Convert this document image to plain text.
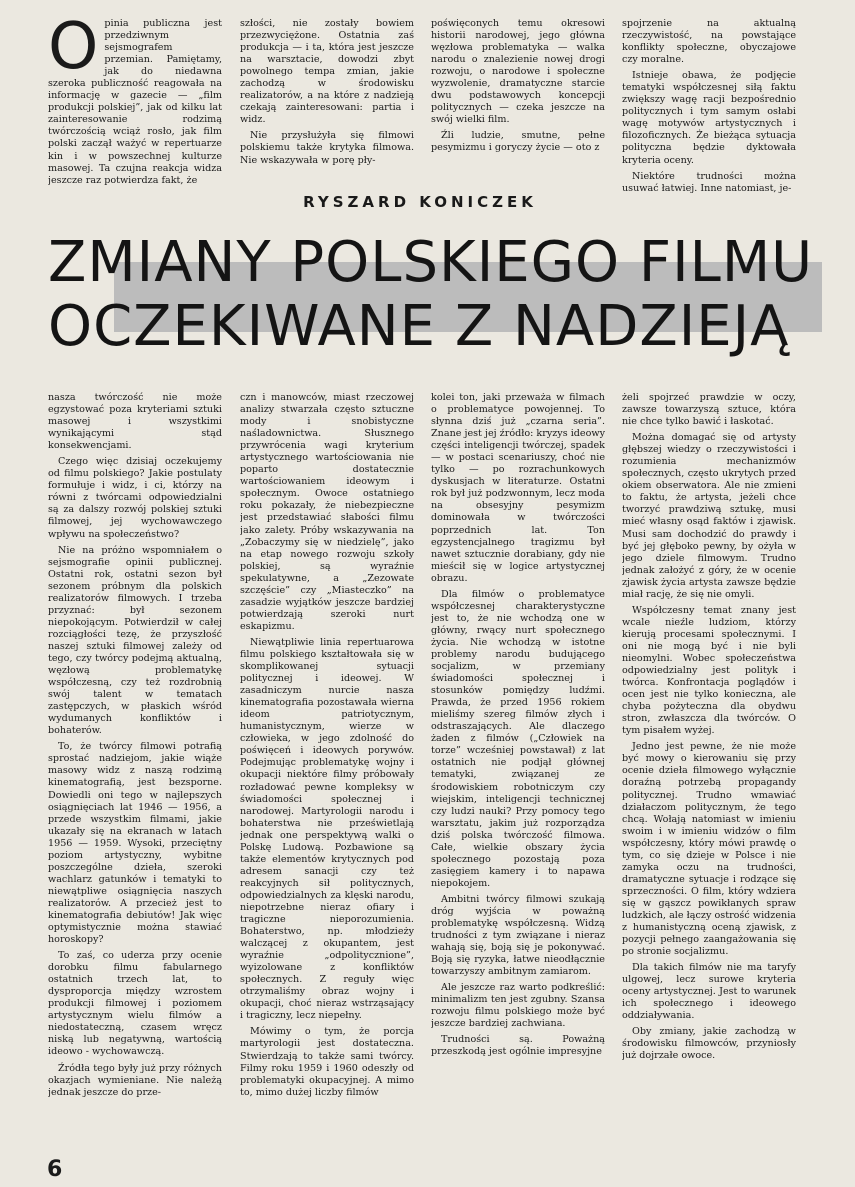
Opinia publiczna jest przedziwnym sejsmografem przemian. Pamiętamy, jak do niedawna szeroka publiczność reagowała na informację w gazecie — „film produkcji polskiej”, jak od kilku lat zainteresowanie rodzimą twórczością wciąż rosło, jak film polski zaczął ważyć w repertuarze kin i w powszechnej kulturze masowej. Ta czujna reakcja widza jeszcze raz potwierdza fakt, że

szłości, nie zostały bowiem przezwyciężone. Ostatnia zaś produkcja — i ta, która jest jeszcze na warsztacie, dowodzi zbyt powolnego tempa zmian, jakie zachodzą w środowisku realizatorów, a na które z nadzieją czekają zainteresowani: partia i widz.

Nie przysłużyła się filmowi polskiemu także krytyka filmowa. Nie wskazywała w porę pły-

poświęconych temu okresowi historii narodowej, jego główna węzłowa problematyka — walka narodu o znalezienie nowej drogi rozwoju, o narodowe i społeczne wyzwolenie, dramatyczne starcie dwu podstawowych koncepcji politycznych — czeka jeszcze na swój wielki film.

Źli ludzie, smutne, pełne pesymizmu i goryczy życie — oto z

spojrzenie na aktualną rzeczywistość, na powstające konflikty społeczne, obyczajowe czy moralne.

Istnieje obawa, że podjęcie tematyki współczesnej siłą faktu zwiększy wagę racji bezpośrednio politycznych i tym samym osłabi wagę motywów artystycznych i filozoficznych. Że bieżąca sytuacja polityczna będzie dyktowała kryteria oceny.

Niektóre trudności można usuwać łatwiej. Inne natomiast, je-

RYSZARD KONICZEK
ZMIANY POLSKIEGO FILMU
OCZEKIWANE Z NADZIEJĄ

nasza twórczość nie może egzystować poza kryteriami sztuki masowej i wszystkimi wynikającymi stąd konsekwencjami.

Czego więc dzisiaj oczekujemy od filmu polskiego? Jakie postulaty formułuje i widz, i ci, którzy na równi z twórcami odpowiedzialni są za dalszy rozwój polskiej sztuki filmowej, jej wychowawczego wpływu na społeczeństwo?

Nie na próżno wspomniałem o sejsmografie opinii publicznej. Ostatni rok, ostatni sezon był sezonem próbnym dla polskich realizatorów filmowych. I trzeba przyznać: był sezonem niepokojącym. Potwierdził w całej rozciągłości tezę, że przyszłość naszej sztuki filmowej zależy od tego, czy twórcy podejmą aktualną, węzłową problematykę współczesną, czy też rozdrobnią swój talent w tematach zastępczych, w płaskich wśród wydumanych konfliktów i bohaterów.

To, że twórcy filmowi potrafią sprostać nadziejom, jakie wiąże masowy widz z naszą rodzimą kinematografią, jest bezsporne. Dowiedli oni tego w najlepszych osiągnięciach lat 1946 — 1956, a przede wszystkim filmami, jakie ukazały się na ekranach w latach 1956 — 1959. Wysoki, przeciętny poziom artystyczny, wybitne poszczególne dzieła, szeroki wachlarz gatunków i tematyki to niewątpliwe osiągnięcia naszych realizatorów. A przecież jest to kinematografia debiutów! Jak więc optymistycznie można stawiać horoskopy?

To zaś, co uderza przy ocenie dorobku filmu fabularnego ostatnich trzech lat, to dysproporcja między wzrostem produkcji filmowej i poziomem artystycznym wielu filmów a niedostateczną, czasem wręcz niską lub negatywną, wartością ideowo - wychowawczą.

Źródła tego były już przy różnych okazjach wymieniane. Nie należą jednak jeszcze do prze-

czn i manowców, miast rzeczowej analizy stwarzała często sztuczne mody i snobistyczne naśladownictwa. Słusznego przywrócenia wagi kryterium artystycznego wartościowania nie poparto dostatecznie wartościowaniem ideowym i społecznym. Owoce ostatniego roku pokazały, że niebezpieczne jest przedstawiać słabości filmu jako zalety. Próby wskazywania na „Zobaczymy się w niedzielę”, jako na etap nowego rozwoju szkoły polskiej, są wyraźnie spekulatywne, a „Zezowate szczęście” czy „Miasteczko” na zasadzie wyjątków jeszcze bardziej potwierdzają szeroki nurt eskapizmu.

Niewątpliwie linia repertuarowa filmu polskiego kształtowała się w skomplikowanej sytuacji politycznej i ideowej. W zasadniczym nurcie nasza kinematografia pozostawała wierna ideom patriotycznym, humanistycznym, wierze w człowieka, w jego zdolność do poświęceń i ideowych porywów. Podejmując problematykę wojny i okupacji niektóre filmy próbowały rozładować pewne kompleksy w świadomości społecznej i narodowej. Martyrologii narodu i bohaterstwa nie prześwietlają jednak one perspektywą walki o Polskę Ludową. Pozbawione są także elementów krytycznych pod adresem sanacji czy też reakcyjnych sił politycznych, odpowiedzialnych za klęski narodu, niepotrzebne nieraz ofiary i tragiczne nieporozumienia. Bohaterstwo, np. młodzieży walczącej z okupantem, jest wyraźnie „odpolitycznione”, wyizolowane z konfliktów społecznych. Z reguły więc otrzymaliśmy obraz wojny i okupacji, choć nieraz wstrząsający i tragiczny, lecz niepełny.

Mówimy o tym, że porcja martyrologii jest dostateczna. Stwierdzają to także sami twórcy. Filmy roku 1959 i 1960 odeszły od problematyki okupacyjnej. A mimo to, mimo dużej liczby filmów

kolei ton, jaki przeważa w filmach o problematyce powojennej. To słynna dziś już „czarna seria”. Znane jest jej źródło: kryzys ideowy części inteligencji twórczej, spadek — w postaci scenariuszy, choć nie tylko — po rozrachunkowych dyskusjach w literaturze. Ostatni rok był już podzwonnym, lecz moda na obsesyjny pesymizm dominowała w twórczości poprzednich lat. Ton egzystencjalnego tragizmu był nawet sztucznie dorabiany, gdy nie mieścił się w logice artystycznej obrazu.

Dla filmów o problematyce współczesnej charakterystyczne jest to, że nie wchodzą one w główny, rwący nurt społecznego życia. Nie wchodzą w istotne problemy narodu budującego socjalizm, w przemiany świadomości społecznej i stosunków pomiędzy ludźmi. Prawda, że przed 1956 rokiem mieliśmy szereg filmów złych i odstraszających. Ale dlaczego żaden z filmów („Człowiek na torze” wcześniej powstawał) z lat ostatnich nie podjął głównej tematyki, związanej ze środowiskiem robotniczym czy wiejskim, inteligencji technicznej czy ludzi nauki? Przy pomocy tego warsztatu, jakim już rozporządza dziś polska twórczość filmowa. Całe, wielkie obszary życia społecznego pozostają poza zasięgiem kamery i to napawa niepokojem.

Ambitni twórcy filmowi szukają dróg wyjścia w poważną problematykę współczesną. Widzą trudności z tym związane i nieraz wahają się, boją się je pokonywać. Boją się ryzyka, łatwe nieodłącznie towarzyszy ambitnym zamiarom.

Ale jeszcze raz warto podkreślić: minimalizm ten jest zgubny. Szansa rozwoju filmu polskiego może być jeszcze bardziej zachwiana.

Trudności są. Poważną przeszkodą jest ogólnie impresyjne

żeli spojrzeć prawdzie w oczy, zawsze towarzyszą sztuce, która nie chce tylko bawić i łaskotać.

Można domagać się od artysty głębszej wiedzy o rzeczywistości i rozumienia mechanizmów społecznych, często ukrytych przed okiem obserwatora. Ale nie zmieni to faktu, że artysta, jeżeli chce tworzyć prawdziwą sztukę, musi mieć własny osąd faktów i zjawisk. Musi sam dochodzić do prawdy i być jej głęboko pewny, by ożyła w jego dziele filmowym. Trudno jednak założyć z góry, że w ocenie zjawisk życia artysta zawsze będzie miał rację, że się nie omyli.

Współczesny temat znany jest wcale nieźle ludziom, którzy kierują procesami społecznymi. I oni nie mogą być i nie byli nieomylni. Wobec społeczeństwa odpowiedzialny jest polityk i twórca. Konfrontacja poglądów i ocen jest nie tylko konieczna, ale chyba pożyteczna dla obydwu stron, zwłaszcza dla twórców. O tym pisałem wyżej.

Jedno jest pewne, że nie może być mowy o kierowaniu się przy ocenie dzieła filmowego wyłącznie doraźną potrzebą propagandy politycznej. Trudno wmawiać działaczom politycznym, że tego chcą. Wołają natomiast w imieniu swoim i w imieniu widzów o film współczesny, który mówi prawdę o tym, co się dzieje w Polsce i nie zamyka oczu na trudności, dramatyczne sytuacje i rodzące się sprzeczności. O film, który wdziera się w gąszcz powikłanych spraw ludzkich, ale łączy ostrość widzenia z humanistyczną oceną zjawisk, z pozycji pełnego zaangażowania się po stronie socjalizmu.

Dla takich filmów nie ma taryfy ulgowej, lecz surowe kryteria oceny artystycznej. Jest to warunek ich społecznego i ideowego oddziaływania.

Oby zmiany, jakie zachodzą w środowisku filmowców, przyniosły już dojrzałe owoce.

6
